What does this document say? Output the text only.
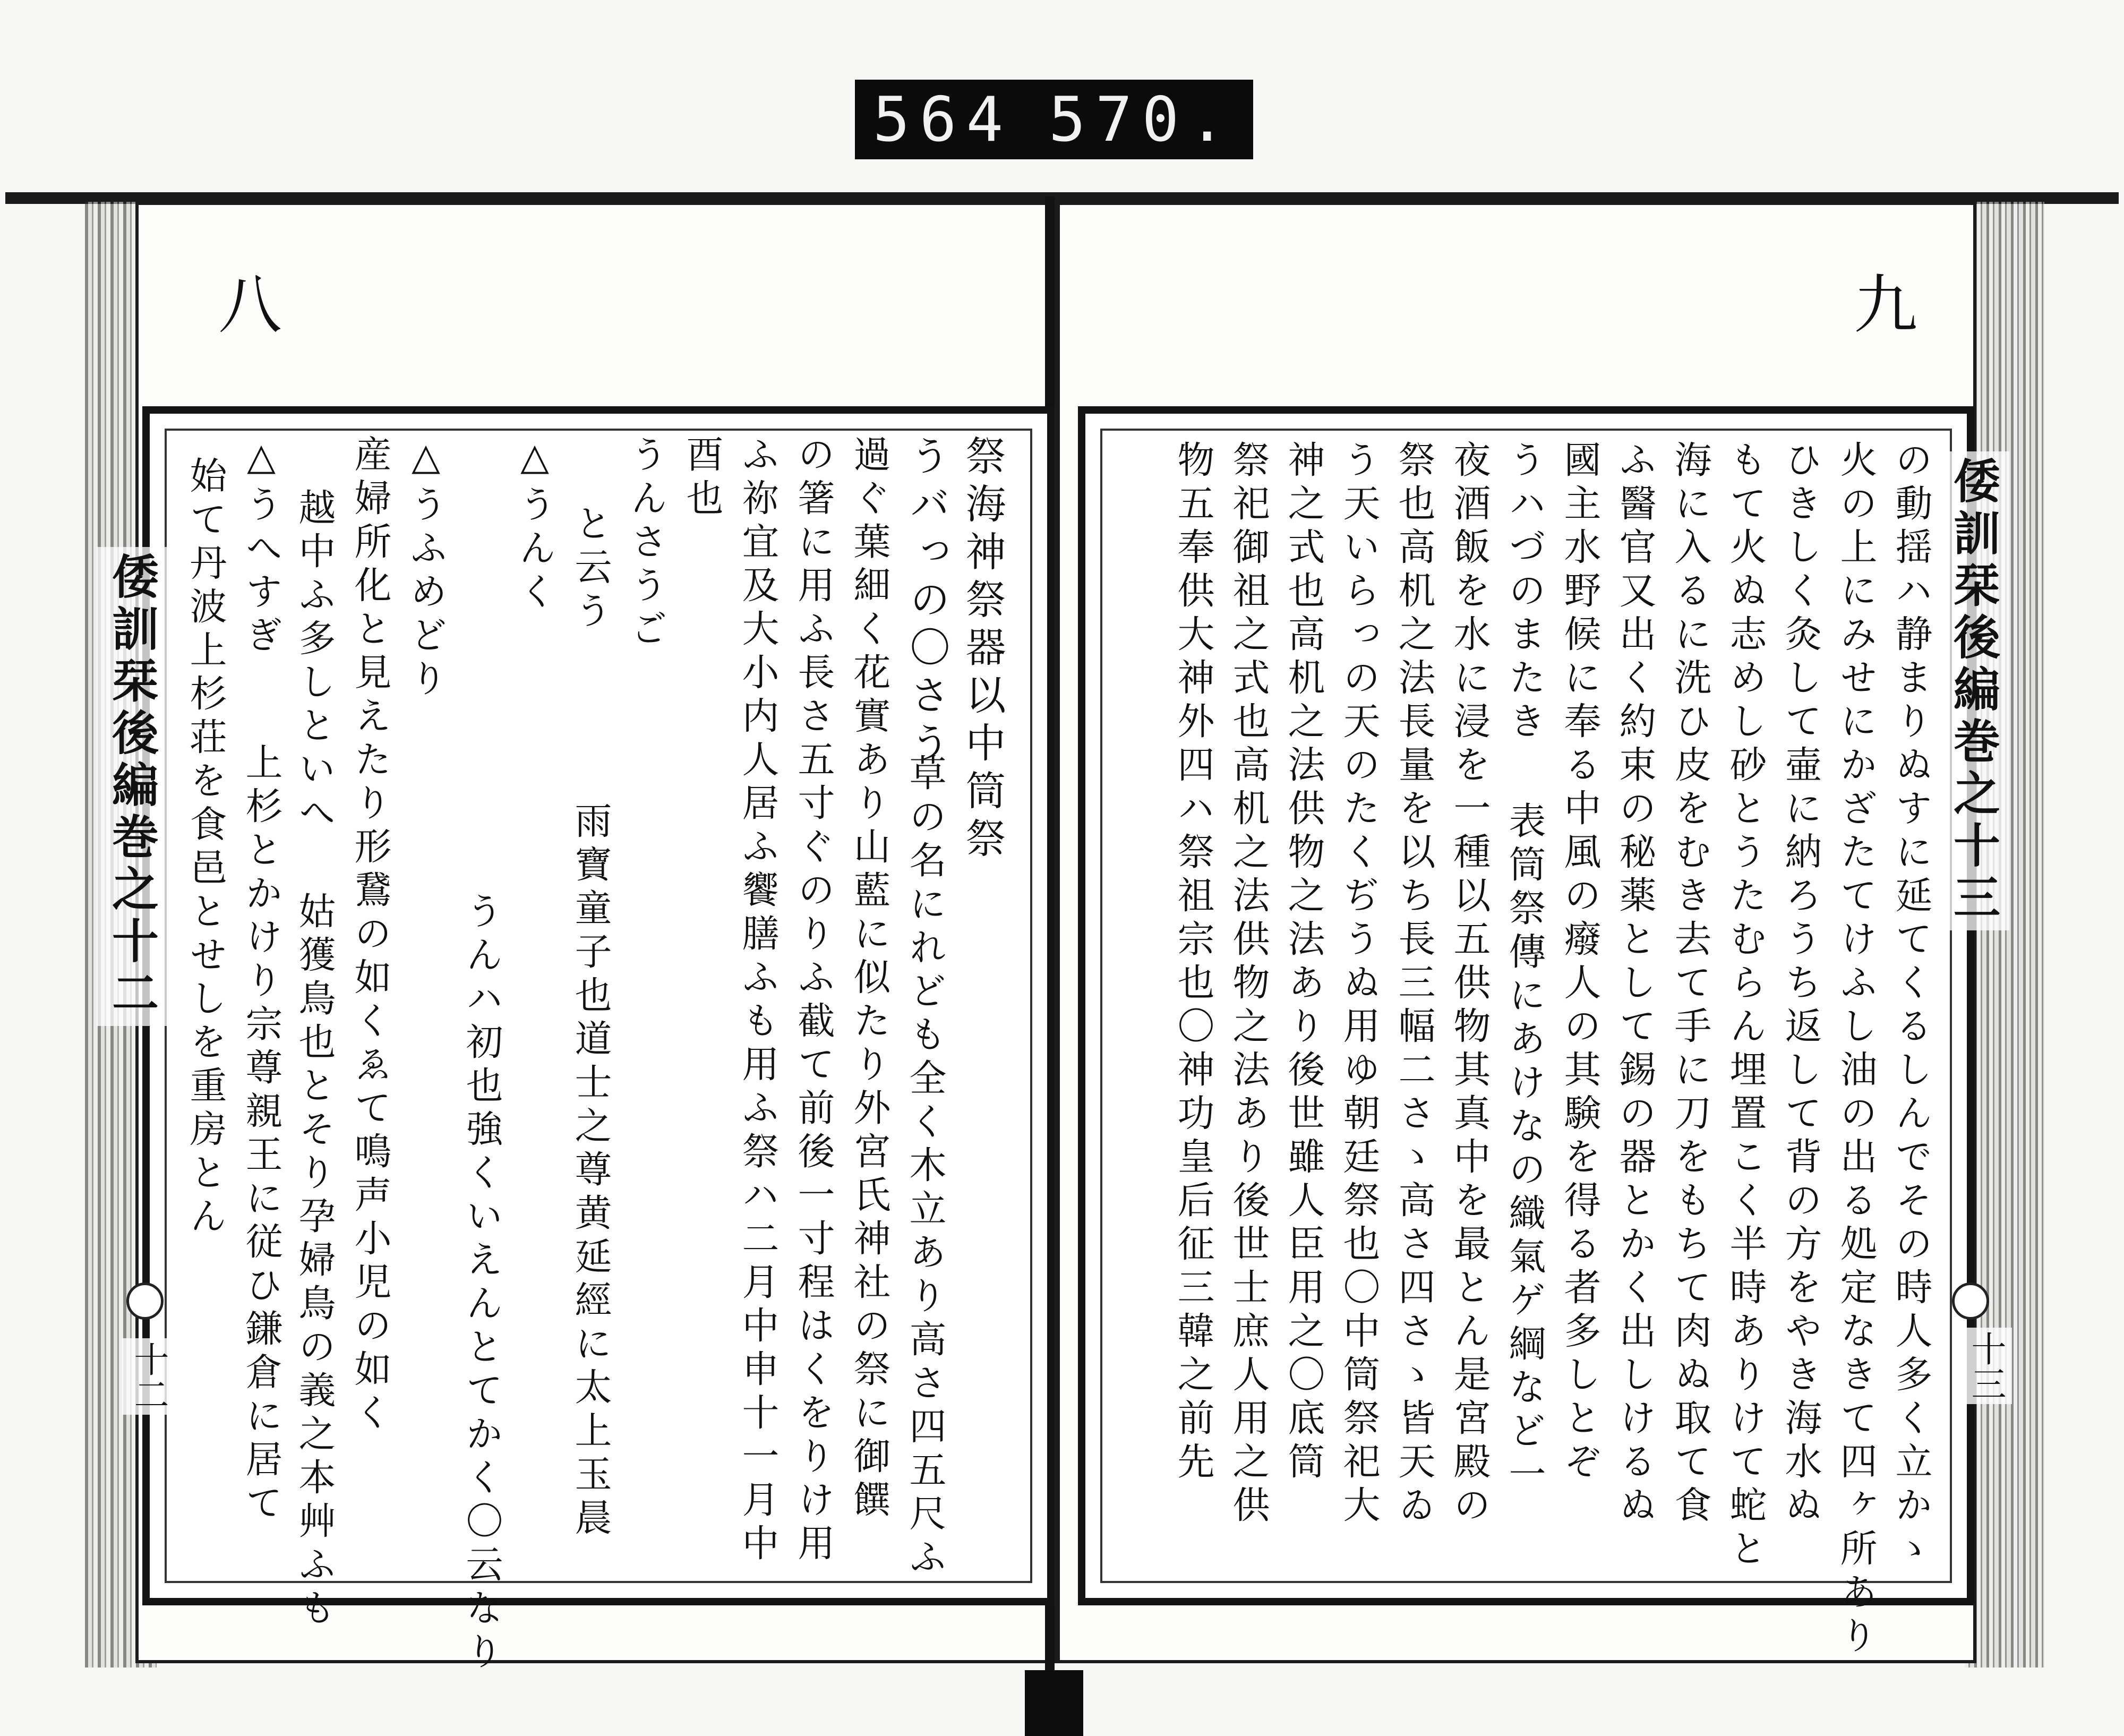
564 570.
八	九
祭海神祭器以中筒祭
うバっの〇さう
草の名にれども全く木立あり高さ四五尺ふ
過ぐ葉細く花實あり山藍に似たり外宮氏神社の祭に御饌
の箸に用ふ長さ五寸ぐのりふ截て前後一寸程はくをりけ用
ふ祢宜及大小内人居ふ饗膳ふも用ふ祭ハ二月中申十一月中
酉也
うんさうご
と云う
雨寶童子也道士之尊黄延經に太上玉晨
△うんく
うんハ初也強くいえんとてかく〇云なり
△うふめどり
産婦所化と見えたり形鵞の如くゑて鳴声小児の如く
越中ふ多しといへ
姑獲鳥也とそり孕婦鳥の義之本艸ふも
△うへすぎ
始て丹波上杉荘を食邑とせしを重房とん 上杉とかけり宗尊親王に従ひ鎌倉に居て	の動揺ハ静まりぬすに延てくるしんでその時人多く立かゝ
火の上にみせにかざたてけふし油の出る処定なきて四ヶ所あり
ひきしく灸して壷に納ろうち返して背の方をやき海水ぬ
もて火ぬ志めし砂とうたむらん埋置こく半時ありけて蛇と
海に入るに洗ひ皮をむき去て手に刀をもちて肉ぬ取て食
ふ醫官又出く約束の秘薬として錫の器とかく出しけるぬ
國主水野候に奉る中風の癈人の其験を得る者多しとぞ
うハづのまたき
表筒祭傳にあけなの織氣ゲ綱など一
夜酒飯を水に浸を一種以五供物其真中を最とん是宮殿の
祭也高机之法長量を以ち長三幅二さゝ高さ四さゝ皆天ゐ
う天いらっの天のたくぢうぬ用ゆ朝廷祭也〇中筒祭祀大
神之式也高机之法供物之法あり後世雖人臣用之〇底筒
祭祀御祖之式也高机之法供物之法あり後世士庶人用之供
物五奉供大神外四ハ祭祖宗也〇神功皇后征三韓之前先
倭訓栞後編巻之十二	倭訓栞後編巻之十三
十二	十三
